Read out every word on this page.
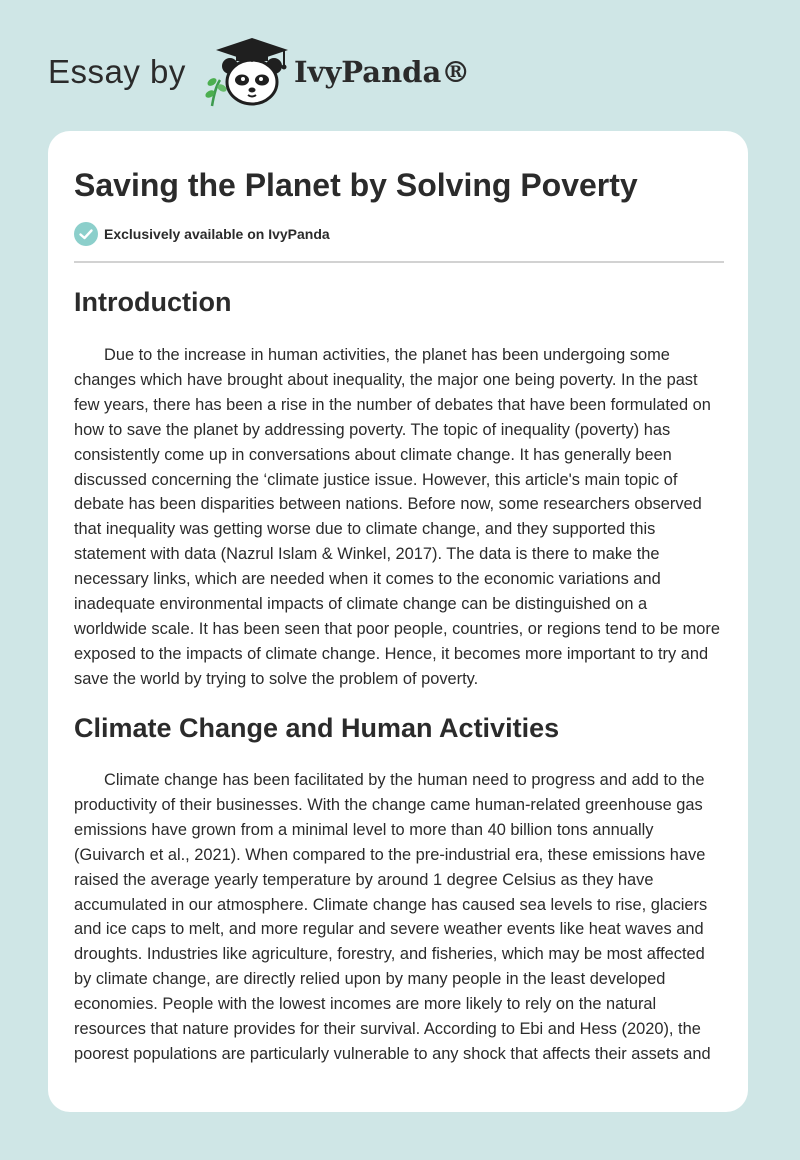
Essay by	IvyPanda®
Saving the Planet by Solving Poverty
Exclusively available on IvyPanda
Introduction

Due to the increase in human activities, the planet has been undergoing some changes which have brought about inequality, the major one being poverty. In the past few years, there has been a rise in the number of debates that have been formulated on how to save the planet by addressing poverty. The topic of inequality (poverty) has consistently come up in conversations about climate change. It has generally been discussed concerning the ‘climate justice issue. However, this article's main topic of debate has been disparities between nations. Before now, some researchers observed that inequality was getting worse due to climate change, and they supported this statement with data (Nazrul Islam & Winkel, 2017). The data is there to make the necessary links, which are needed when it comes to the economic variations and inadequate environmental impacts of climate change can be distinguished on a worldwide scale. It has been seen that poor people, countries, or regions tend to be more exposed to the impacts of climate change. Hence, it becomes more important to try and save the world by trying to solve the problem of poverty.

Climate Change and Human Activities

Climate change has been facilitated by the human need to progress and add to the productivity of their businesses. With the change came human-related greenhouse gas emissions have grown from a minimal level to more than 40 billion tons annually (Guivarch et al., 2021). When compared to the pre-industrial era, these emissions have raised the average yearly temperature by around 1 degree Celsius as they have accumulated in our atmosphere. Climate change has caused sea levels to rise, glaciers and ice caps to melt, and more regular and severe weather events like heat waves and droughts. Industries like agriculture, forestry, and fisheries, which may be most affected by climate change, are directly relied upon by many people in the least developed economies. People with the lowest incomes are more likely to rely on the natural resources that nature provides for their survival. According to Ebi and Hess (2020), the poorest populations are particularly vulnerable to any shock that affects their assets and
